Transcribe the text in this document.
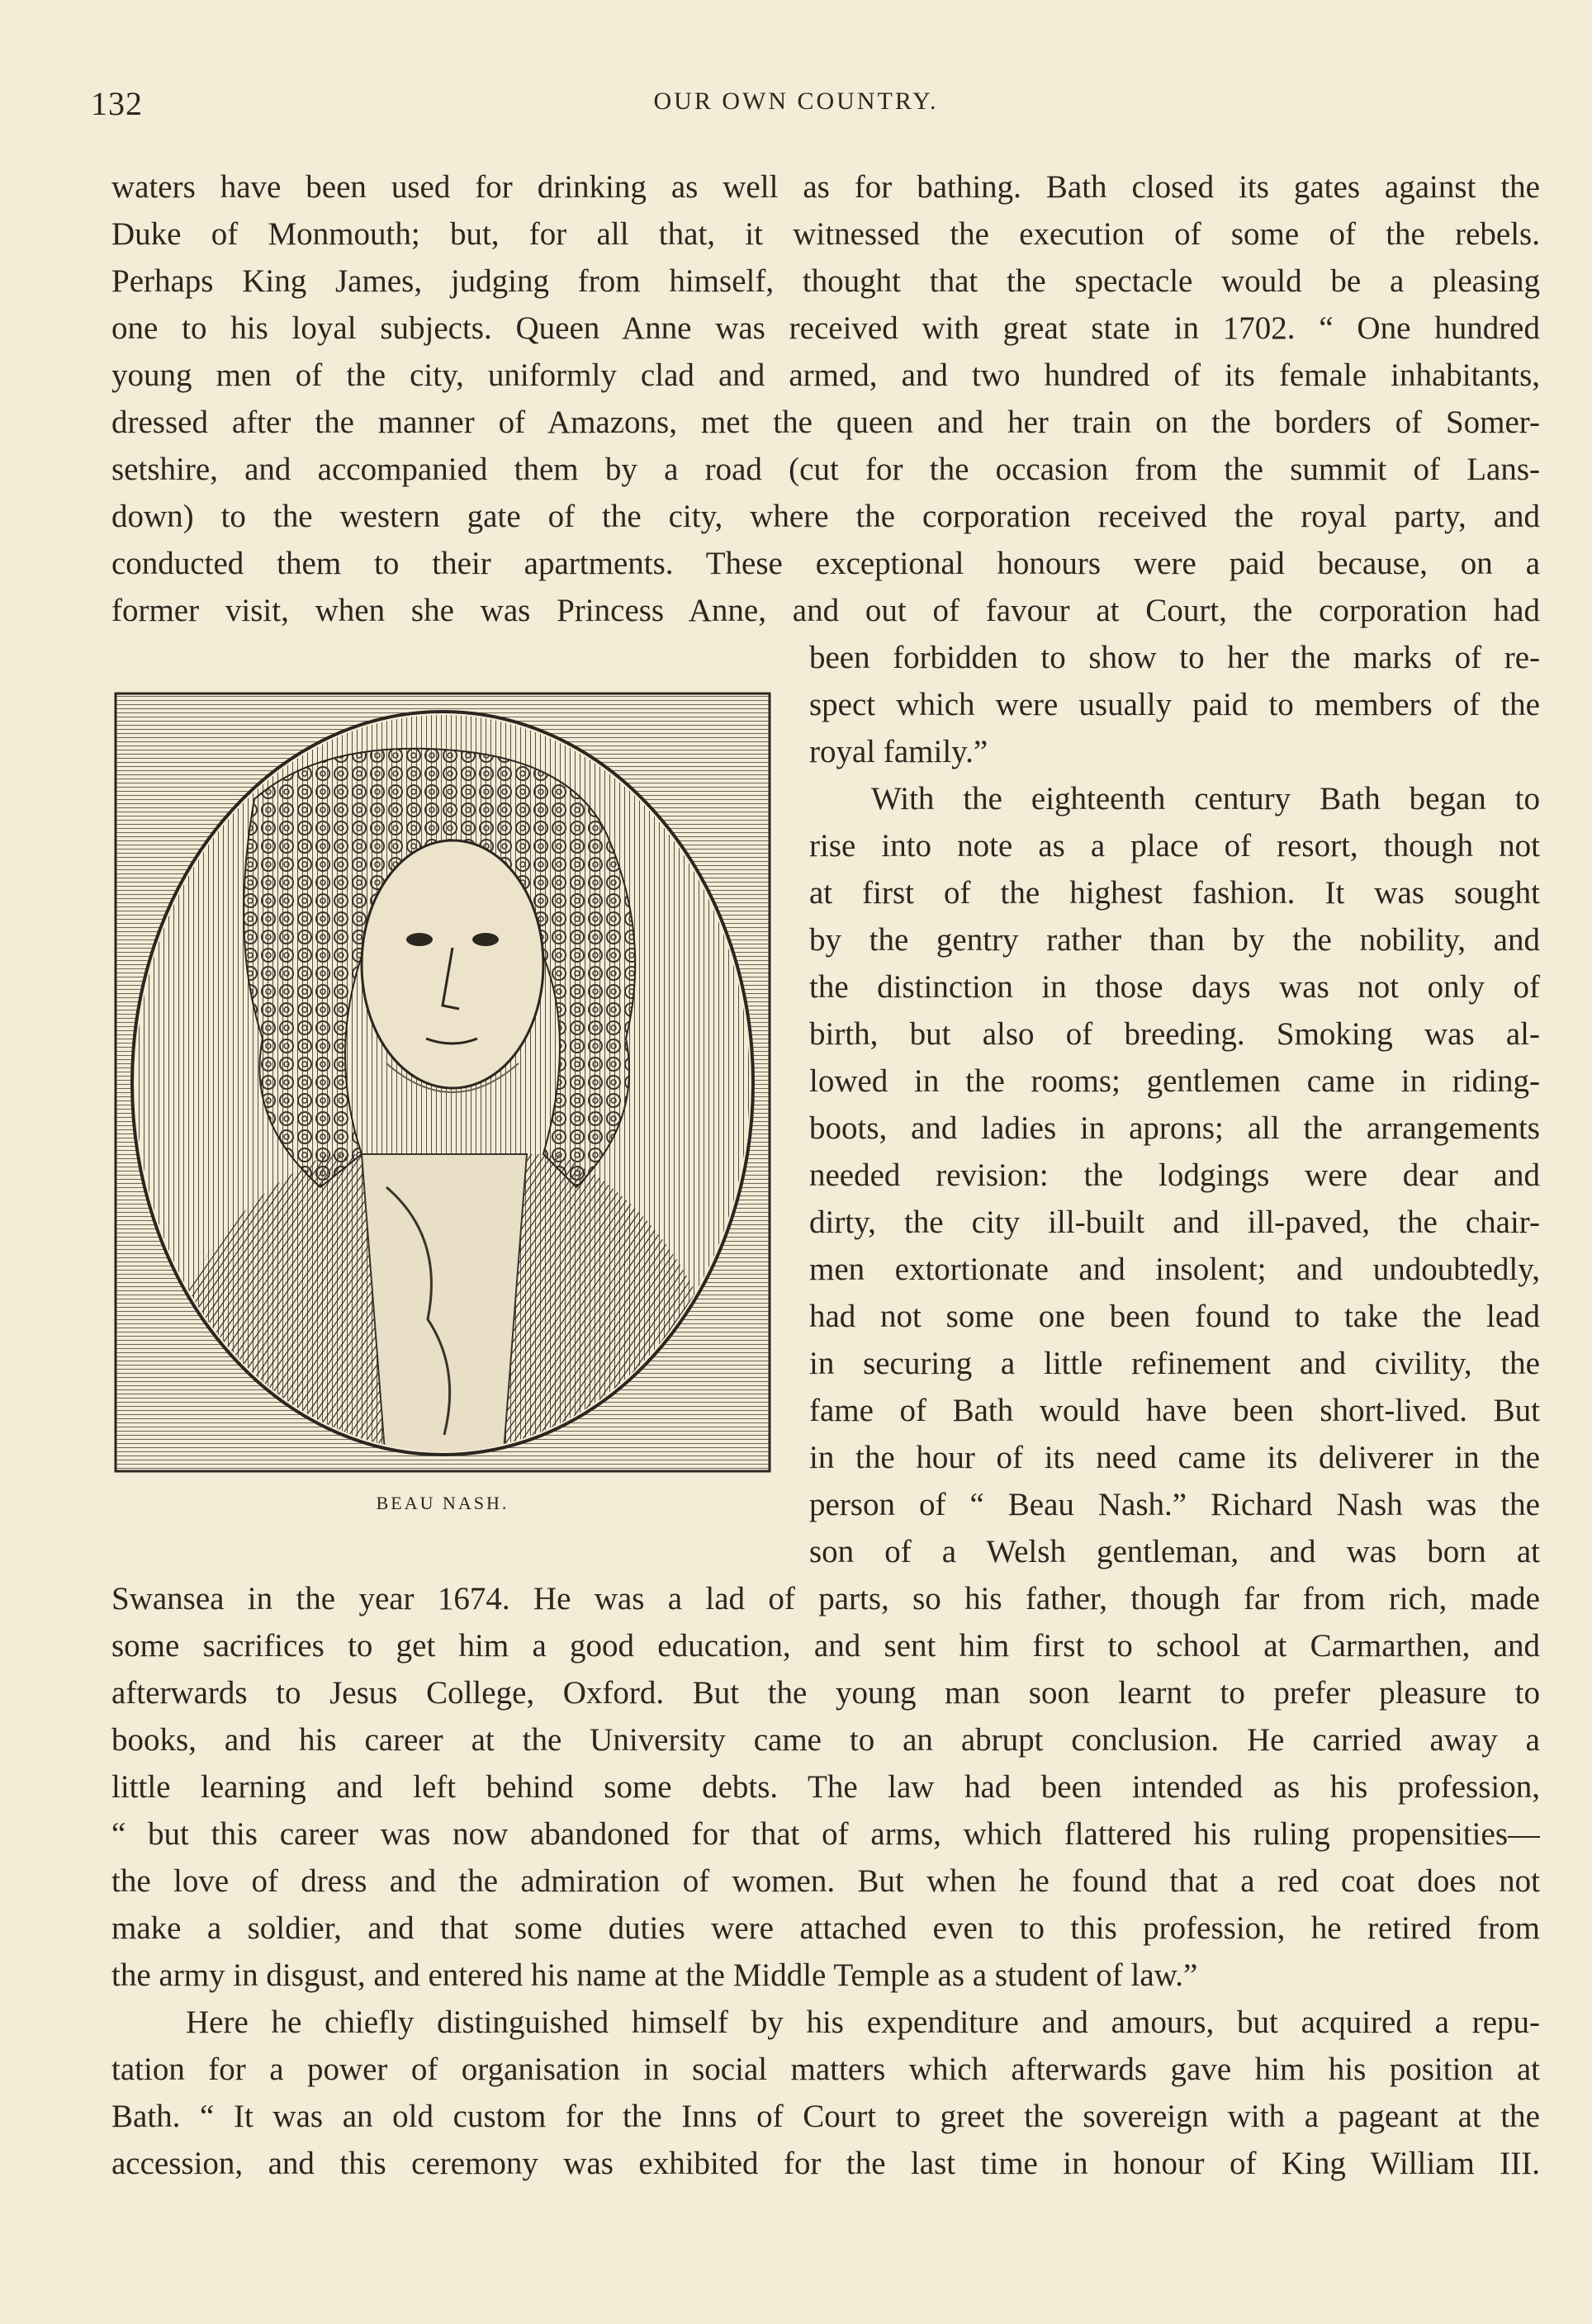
132	OUR OWN COUNTRY.
waters have been used for drinking as well as for bathing. Bath closed its gates against the
Duke of Monmouth; but, for all that, it witnessed the execution of some of the rebels.
Perhaps King James, judging from himself, thought that the spectacle would be a pleasing
one to his loyal subjects. Queen Anne was received with great state in 1702. “ One hundred
young men of the city, uniformly clad and armed, and two hundred of its female inhabitants,
dressed after the manner of Amazons, met the queen and her train on the borders of Somer-
setshire, and accompanied them by a road (cut for the occasion from the summit of Lans-
down) to the western gate of the city, where the corporation received the royal party, and
conducted them to their apartments. These exceptional honours were paid because, on a
former visit, when she was Princess Anne, and out of favour at Court, the corporation had
been forbidden to show to her the marks of re-
spect which were usually paid to members of the
royal family.”
With the eighteenth century Bath began to
rise into note as a place of resort, though not
at first of the highest fashion. It was sought
by the gentry rather than by the nobility, and
the distinction in those days was not only of
birth, but also of breeding. Smoking was al-
lowed in the rooms; gentlemen came in riding-
boots, and ladies in aprons; all the arrangements
needed revision: the lodgings were dear and
dirty, the city ill-built and ill-paved, the chair-
men extortionate and insolent; and undoubtedly,
had not some one been found to take the lead
in securing a little refinement and civility, the
fame of Bath would have been short-lived. But
in the hour of its need came its deliverer in the
person of “ Beau Nash.” Richard Nash was the
son of a Welsh gentleman, and was born at
Swansea in the year 1674. He was a lad of parts, so his father, though far from rich, made
some sacrifices to get him a good education, and sent him first to school at Carmarthen, and
afterwards to Jesus College, Oxford. But the young man soon learnt to prefer pleasure to
books, and his career at the University came to an abrupt conclusion. He carried away a
little learning and left behind some debts. The law had been intended as his profession,
“ but this career was now abandoned for that of arms, which flattered his ruling propensities—
the love of dress and the admiration of women. But when he found that a red coat does not
make a soldier, and that some duties were attached even to this profession, he retired from
the army in disgust, and entered his name at the Middle Temple as a student of law.”
Here he chiefly distinguished himself by his expenditure and amours, but acquired a repu-
tation for a power of organisation in social matters which afterwards gave him his position at
Bath. “ It was an old custom for the Inns of Court to greet the sovereign with a pageant at the
accession, and this ceremony was exhibited for the last time in honour of King William III.
BEAU NASH.
